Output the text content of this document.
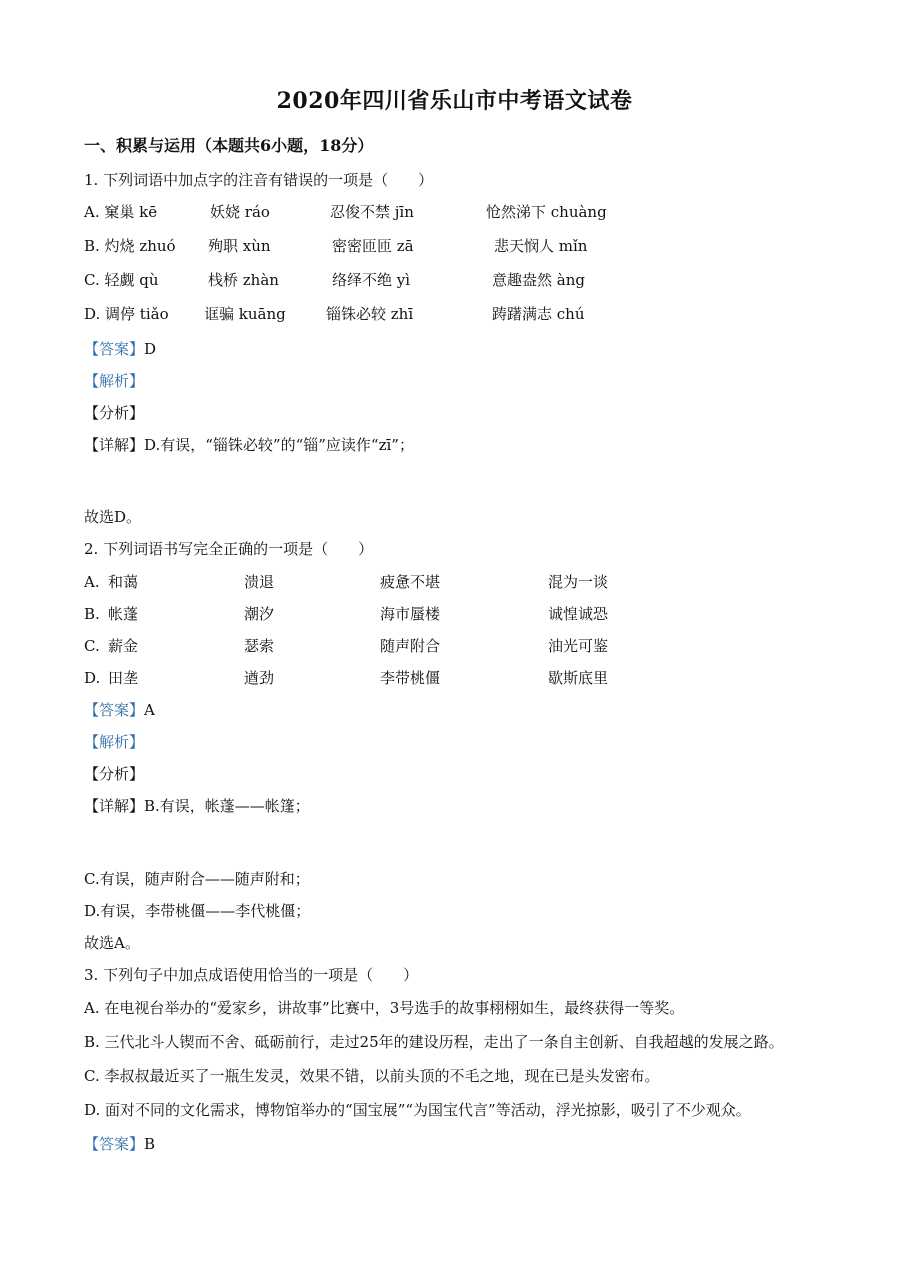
2020年四川省乐山市中考语文试卷
一、积累与运用（本题共6小题，18分）
1. 下列词语中加点字的注音有错误的一项是（　　）
A. 窠巢 kē	妖娆 ráo	忍俊不禁 jīn	怆然涕下 chuàng
B. 灼烧 zhuó 殉职 xùn	密密匝匝 zā	悲天悯人 mǐn
C. 轻觑 qù	栈桥 zhàn	络绎不绝 yì	意趣盎然 àng
D. 调停 tiǎo 诓骗 kuāng	锱铢必较 zhī	踌躇满志 chú
【答案】D
【解析】
【分析】
【详解】D.有误，“锱铢必较”的“锱”应读作“zī”；
故选D。
2. 下列词语书写完全正确的一项是（　　）
A. 和蔼	溃退	疲惫不堪	混为一谈
B. 帐蓬	潮汐	海市蜃楼	诚惶诚恐
C. 薪金	瑟索	随声附合	油光可鉴
D. 田垄	遒劲	李带桃僵	歇斯底里
【答案】A
【解析】
【分析】
【详解】B.有误，帐蓬——帐篷；
C.有误，随声附合——随声附和；
D.有误，李带桃僵——李代桃僵；
故选A。
3. 下列句子中加点成语使用恰当的一项是（　　）
A. 在电视台举办的“爱家乡，讲故事”比赛中，3号选手的故事栩栩如生，最终获得一等奖。
B. 三代北斗人锲而不舍、砥砺前行，走过25年的建设历程，走出了一条自主创新、自我超越的发展之路。
C. 李叔叔最近买了一瓶生发灵，效果不错，以前头顶的不毛之地，现在已是头发密布。
D. 面对不同的文化需求，博物馆举办的“国宝展”“为国宝代言”等活动，浮光掠影，吸引了不少观众。
【答案】B
